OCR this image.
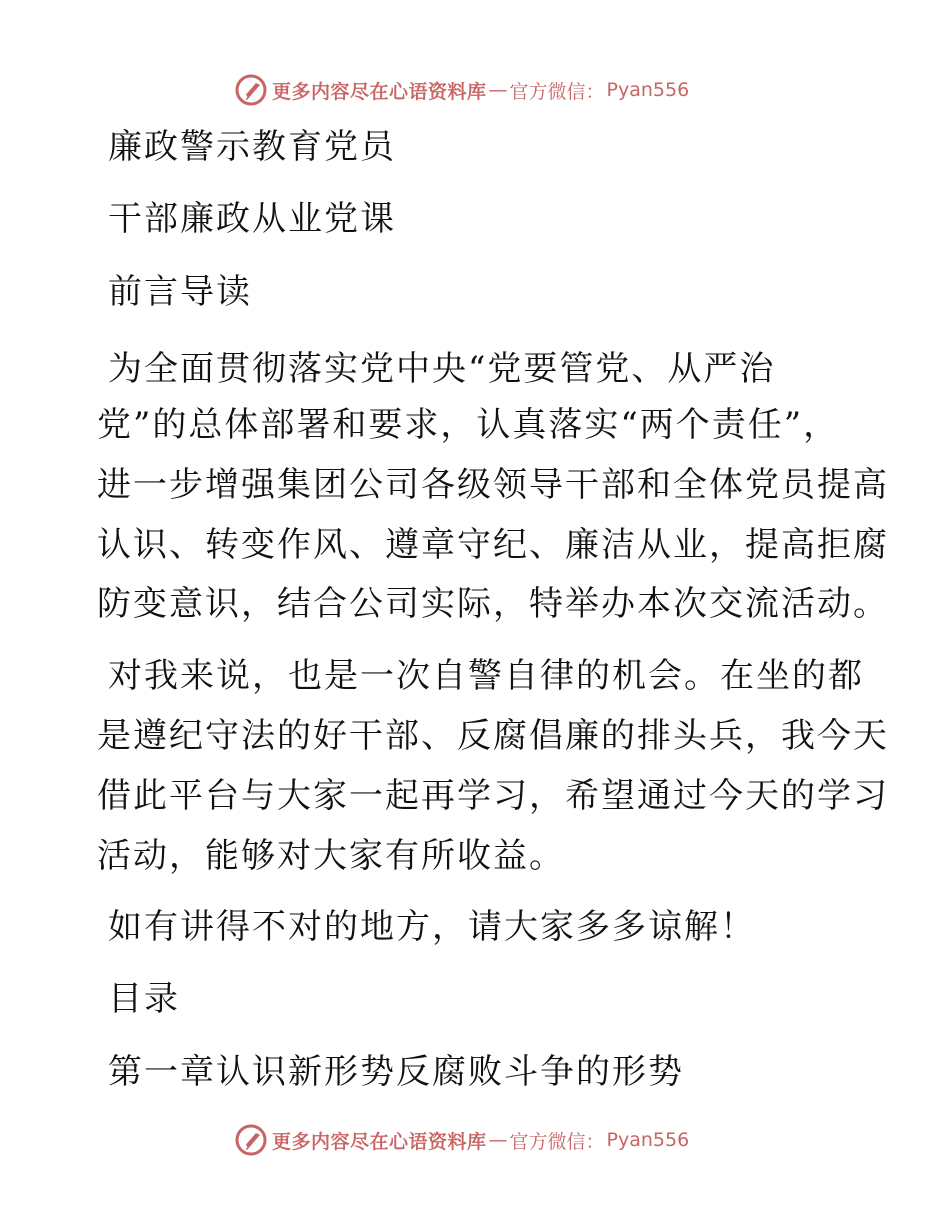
更多内容尽在心语资料库 — 官方微信： Pyan556
廉政警示教育党员
干部廉政从业党课
前言导读
为全面贯彻落实党中央“党要管党、从严治
党”的总体部署和要求，认真落实“两个责任”，
进一步增强集团公司各级领导干部和全体党员提高
认识、转变作风、遵章守纪、廉洁从业，提高拒腐
防变意识，结合公司实际，特举办本次交流活动。
对我来说，也是一次自警自律的机会。在坐的都
是遵纪守法的好干部、反腐倡廉的排头兵，我今天
借此平台与大家一起再学习，希望通过今天的学习
活动，能够对大家有所收益。
如有讲得不对的地方，请大家多多谅解！
目录
第一章认识新形势反腐败斗争的形势
更多内容尽在心语资料库 — 官方微信： Pyan556
